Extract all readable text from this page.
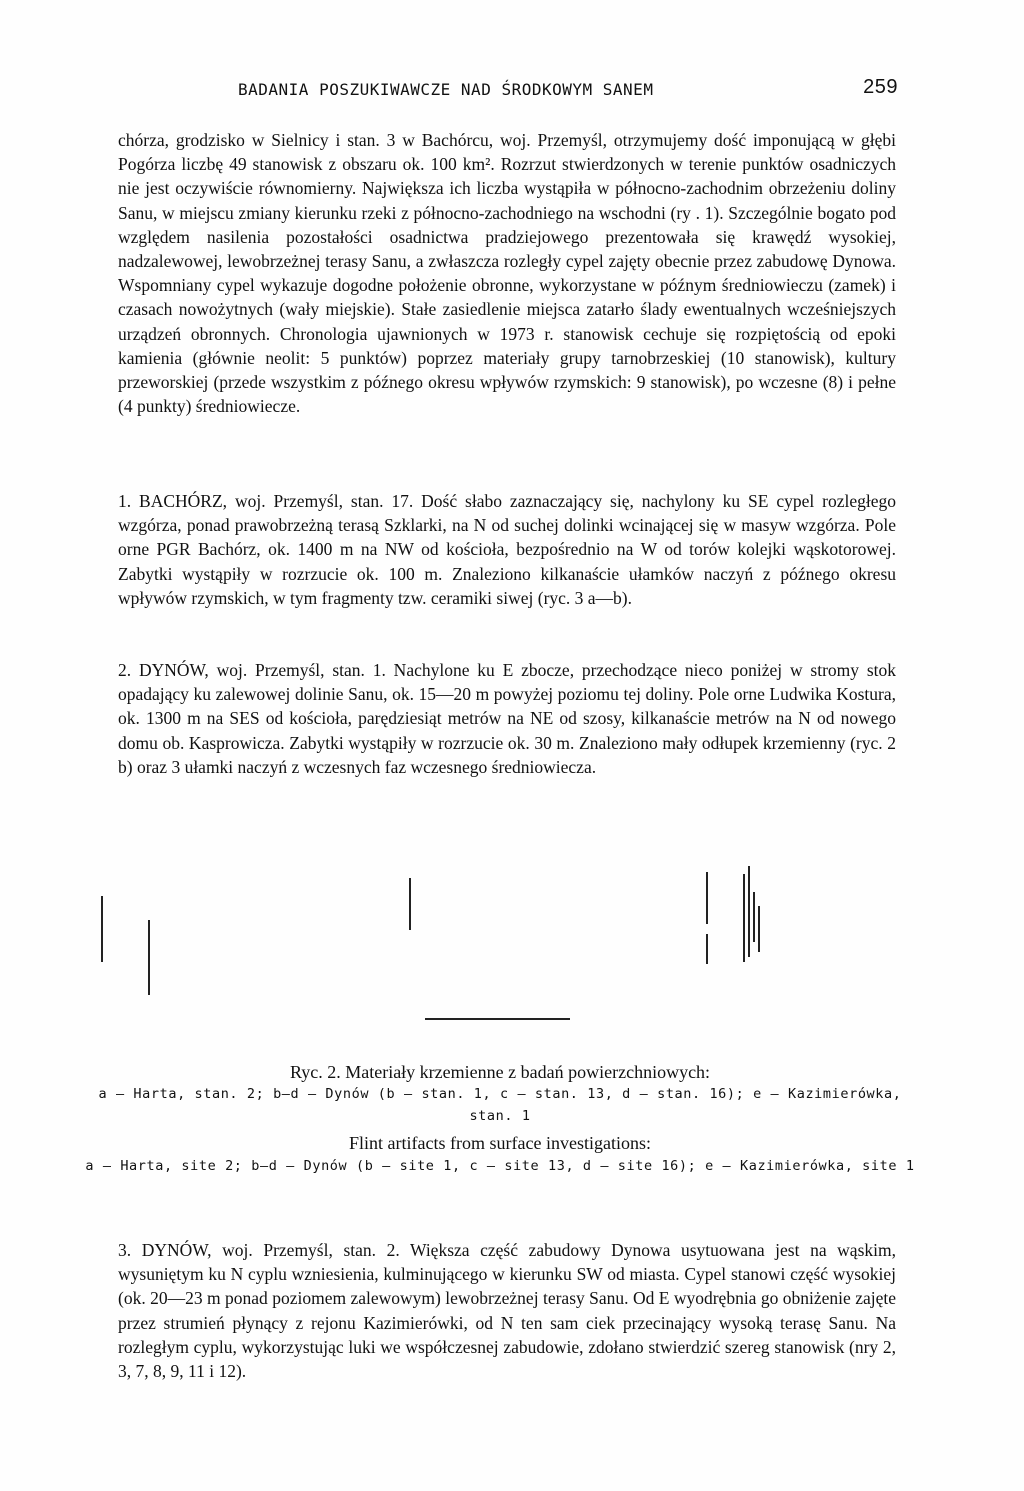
BADANIA POSZUKIWAWCZE NAD ŚRODKOWYM SANEM	259

chórza, grodzisko w Sielnicy i stan. 3 w Bachórcu, woj. Przemyśl, otrzymujemy dość imponującą w głębi Pogórza liczbę 49 stanowisk z obszaru ok. 100 km². Rozrzut stwierdzonych w terenie punktów osadniczych nie jest oczywiście równomierny. Największa ich liczba wystąpiła w północno-zachodnim obrzeżeniu doliny Sanu, w miejscu zmiany kierunku rzeki z północno-zachodniego na wschodni (ry . 1). Szczególnie bogato pod względem nasilenia pozostałości osadnictwa pradziejowego prezentowała się krawędź wysokiej, nadzalewowej, lewobrzeżnej terasy Sanu, a zwłaszcza rozległy cypel zajęty obecnie przez zabudowę Dynowa. Wspomniany cypel wykazuje dogodne położenie obronne, wykorzystane w późnym średniowieczu (zamek) i czasach nowożytnych (wały miejskie). Stałe zasiedlenie miejsca zatarło ślady ewentualnych wcześniejszych urządzeń obronnych. Chronologia ujawnionych w 1973 r. stanowisk cechuje się rozpiętością od epoki kamienia (głównie neolit: 5 punktów) poprzez materiały grupy tarnobrzeskiej (10 stanowisk), kultury przeworskiej (przede wszystkim z późnego okresu wpływów rzymskich: 9 stanowisk), po wczesne (8) i pełne (4 punkty) średniowiecze.

1. BACHÓRZ, woj. Przemyśl, stan. 17. Dość słabo zaznaczający się, nachylony ku SE cypel rozległego wzgórza, ponad prawobrzeżną terasą Szklarki, na N od suchej dolinki wcinającej się w masyw wzgórza. Pole orne PGR Bachórz, ok. 1400 m na NW od kościoła, bezpośrednio na W od torów kolejki wąskotorowej. Zabytki wystąpiły w rozrzucie ok. 100 m. Znaleziono kilkanaście ułamków naczyń z późnego okresu wpływów rzymskich, w tym fragmenty tzw. ceramiki siwej (ryc. 3 a—b).

2. DYNÓW, woj. Przemyśl, stan. 1. Nachylone ku E zbocze, przechodzące nieco poniżej w stromy stok opadający ku zalewowej dolinie Sanu, ok. 15—20 m powyżej poziomu tej doliny. Pole orne Ludwika Kostura, ok. 1300 m na SES od kościoła, parędziesiąt metrów na NE od szosy, kilkanaście metrów na N od nowego domu ob. Kasprowicza. Zabytki wystąpiły w rozrzucie ok. 30 m. Znaleziono mały odłupek krzemienny (ryc. 2 b) oraz 3 ułamki naczyń z wczesnych faz wczesnego średniowiecza.

Ryc. 2. Materiały krzemienne z badań powierzchniowych:
a — Harta, stan. 2; b—d — Dynów (b — stan. 1, c — stan. 13, d — stan. 16); e — Kazimierówka, stan. 1
Flint artifacts from surface investigations:
a — Harta, site 2; b—d — Dynów (b — site 1, c — site 13, d — site 16); e — Kazimierówka, site 1

3. DYNÓW, woj. Przemyśl, stan. 2. Większa część zabudowy Dynowa usytuowana jest na wąskim, wysuniętym ku N cyplu wzniesienia, kulminującego w kierunku SW od miasta. Cypel stanowi część wysokiej (ok. 20—23 m ponad poziomem zalewowym) lewobrzeżnej terasy Sanu. Od E wyodrębnia go obniżenie zajęte przez strumień płynący z rejonu Kazimierówki, od N ten sam ciek przecinający wysoką terasę Sanu. Na rozległym cyplu, wykorzystując luki we współczesnej zabudowie, zdołano stwierdzić szereg stanowisk (nry 2, 3, 7, 8, 9, 11 i 12).
